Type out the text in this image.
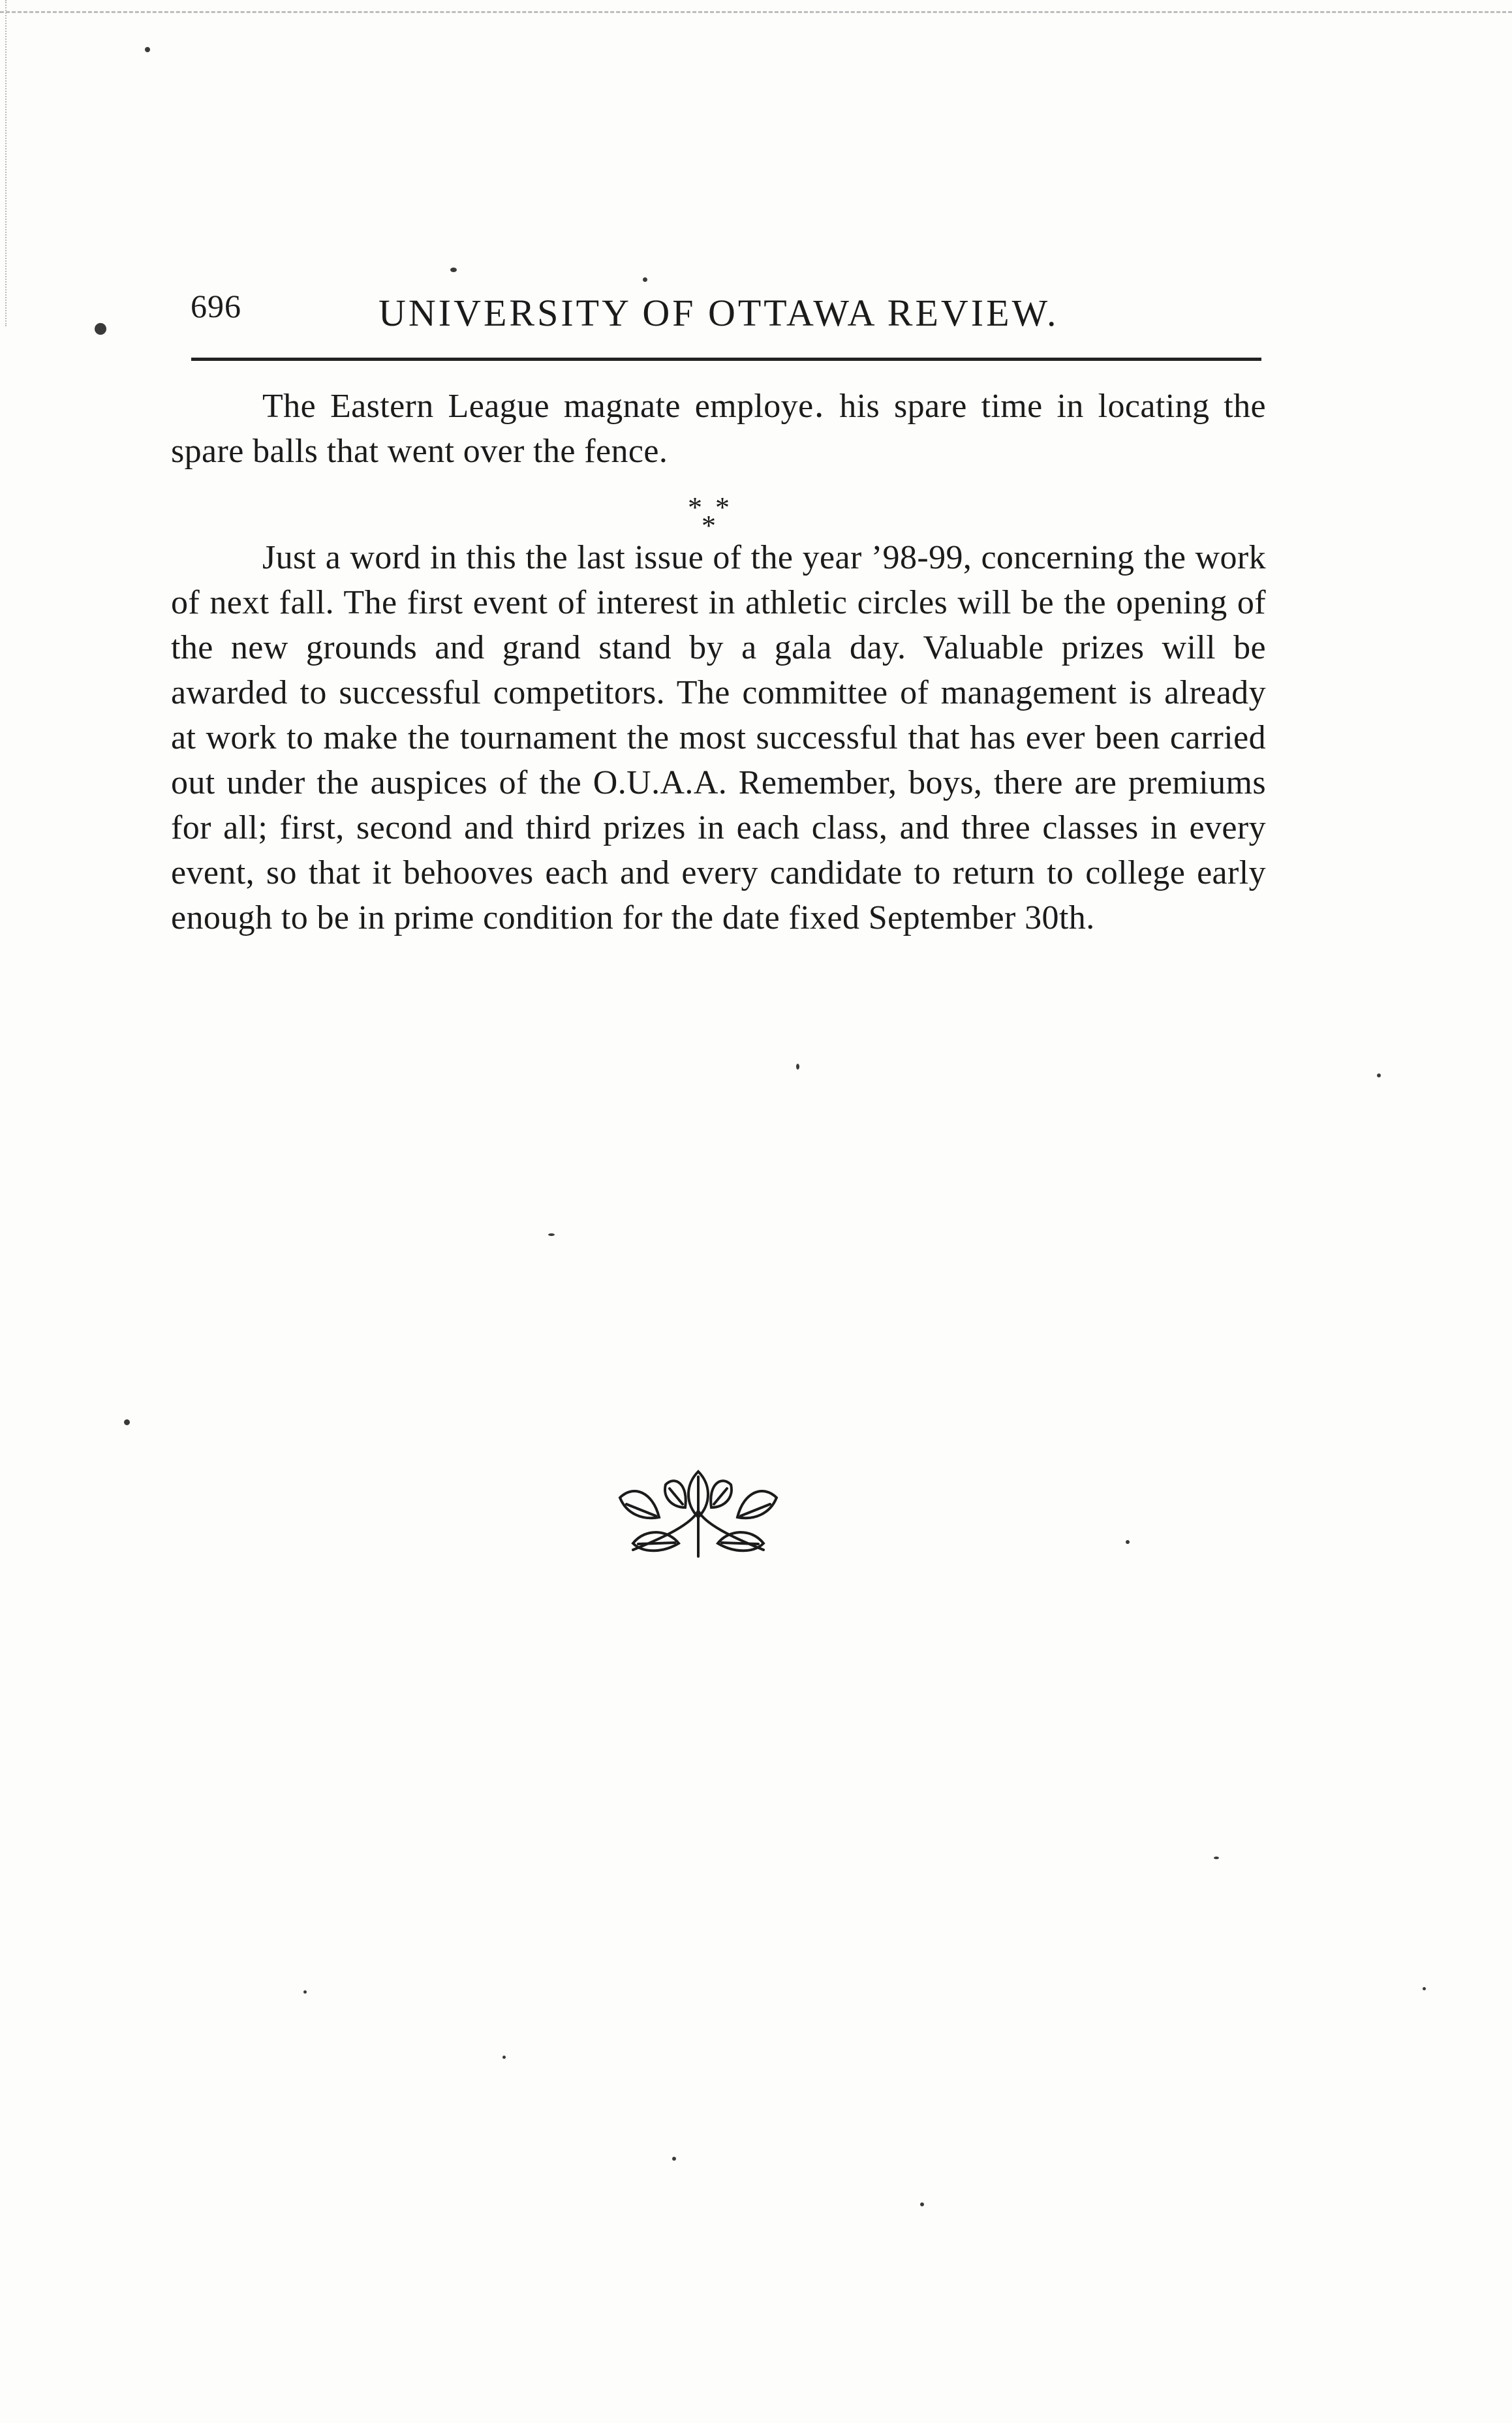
696	UNIVERSITY OF OTTAWA REVIEW.

The Eastern League magnate employe․ his spare time in locating the spare balls that went over the fence.

* *
*

Just a word in this the last issue of the year ’98-99, concerning the work of next fall. The first event of interest in athletic circles will be the opening of the new grounds and grand stand by a gala day. Valuable prizes will be awarded to successful competitors. The committee of management is already at work to make the tournament the most successful that has ever been carried out under the auspices of the O.U.A.A. Remember, boys, there are premiums for all; first, second and third prizes in each class, and three classes in every event, so that it behooves each and every candidate to return to college early enough to be in prime condition for the date fixed September 30th.
